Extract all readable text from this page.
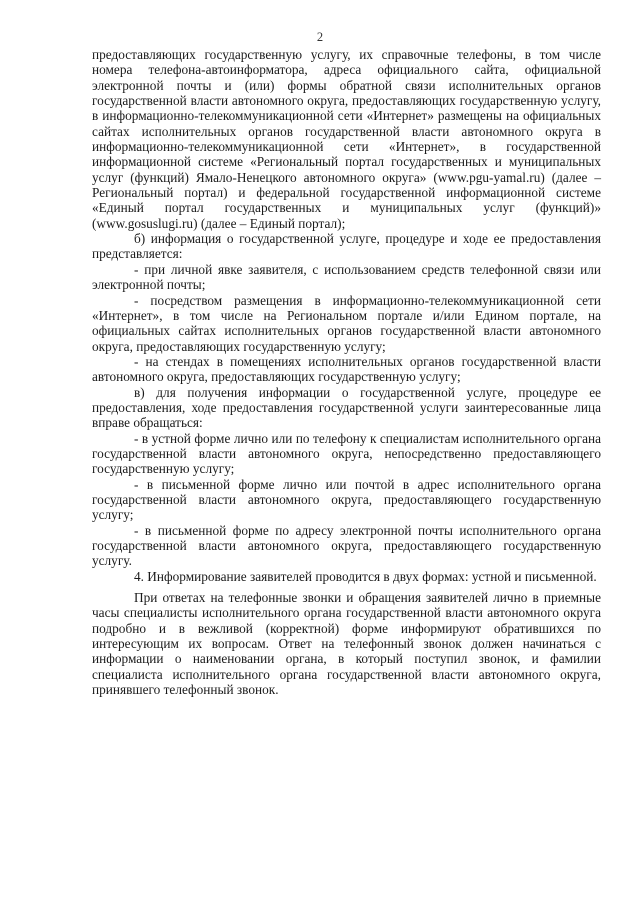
2

предоставляющих государственную услугу, их справочные телефоны, в том числе номера телефона-автоинформатора, адреса официального сайта, официальной электронной почты и (или) формы обратной связи исполнительных органов государственной власти автономного округа, предоставляющих государственную услугу, в информационно-телекоммуникационной сети «Интернет» размещены на официальных сайтах исполнительных органов государственной власти автономного округа в информационно-телекоммуникационной сети «Интернет», в государственной информационной системе «Региональный портал государственных и муниципальных услуг (функций) Ямало-Ненецкого автономного округа» (www.pgu-yamal.ru) (далее – Региональный портал) и федеральной государственной информационной системе «Единый портал государственных и муниципальных услуг (функций)» (www.gosuslugi.ru) (далее – Единый портал);

б) информация о государственной услуге, процедуре и ходе ее предоставления представляется:

- при личной явке заявителя, с использованием средств телефонной связи или электронной почты;

- посредством размещения в информационно-телекоммуникационной сети «Интернет», в том числе на Региональном портале и/или Едином портале, на официальных сайтах исполнительных органов государственной власти автономного округа, предоставляющих государственную услугу;

- на стендах в помещениях исполнительных органов государственной власти автономного округа, предоставляющих государственную услугу;

в) для получения информации о государственной услуге, процедуре ее предоставления, ходе предоставления государственной услуги заинтересованные лица вправе обращаться:

- в устной форме лично или по телефону к специалистам исполнительного органа государственной власти автономного округа, непосредственно предоставляющего государственную услугу;

- в письменной форме лично или почтой в адрес исполнительного органа государственной власти автономного округа, предоставляющего государственную услугу;

- в письменной форме по адресу электронной почты исполнительного органа государственной власти автономного округа, предоставляющего государственную услугу.

4. Информирование заявителей проводится в двух формах: устной и письменной.

При ответах на телефонные звонки и обращения заявителей лично в приемные часы специалисты исполнительного органа государственной власти автономного округа подробно и в вежливой (корректной) форме информируют обратившихся по интересующим их вопросам. Ответ на телефонный звонок должен начинаться с информации о наименовании органа, в который поступил звонок, и фамилии специалиста исполнительного органа государственной власти автономного округа, принявшего телефонный звонок.
